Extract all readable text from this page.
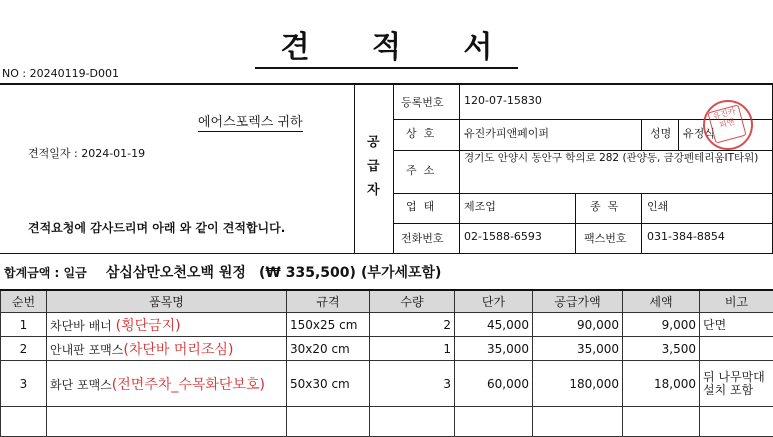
견 적 서
NO : 20240119-D001
에어스포렉스 귀하
견적일자 : 2024-01-19
견적요청에 감사드리며 아래 와 같이 견적합니다.
공
급
자
등록번호 120-07-15830
상  호	유진카피앤페이퍼	성명 유정식
주  소
경기도 안양시 동안구 학의로 282 (관양동, 금강펜테리움IT타워)
업  태	제조업	종  목	인쇄
전화번호 02-1588-6593	팩스번호 031-384-8854
유진카피앤
합계금액 : 일금 삼십삼만오천오백 원정 (₩ 335,500) (부가세포함)
순번	품목명	규격	수량	단가	공급가액	세액	비고
1	차단바 배너 (횡단금지)	150x25 cm	2	45,000	90,000	9,000	단면
2	안내판 포맥스(차단바 머리조심)	30x20 cm	1	35,000	35,000	3,500	
3	화단 포맥스(전면주차_수목화단보호)	50x30 cm	3	60,000	180,000	18,000	뒤 나무막대 설치 포함
